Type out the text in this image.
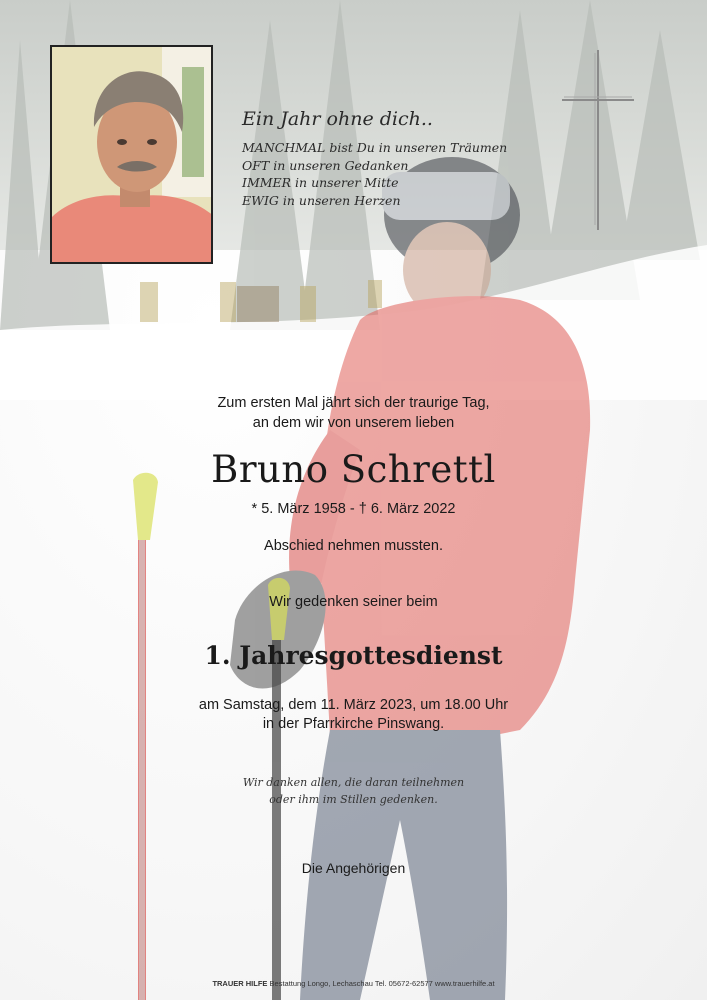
Ein Jahr ohne dich..
MANCHMAL bist Du in unseren Träumen
OFT in unseren Gedanken
IMMER in unserer Mitte
EWIG in unseren Herzen
Zum ersten Mal jährt sich der traurige Tag,
an dem wir von unserem lieben
Bruno Schrettl
* 5. März 1958 - † 6. März 2022
Abschied nehmen mussten.
Wir gedenken seiner beim
1. Jahresgottesdienst
am Samstag, dem 11. März 2023, um 18.00 Uhr
in der Pfarrkirche Pinswang.
Wir danken allen, die daran teilnehmen
oder ihm im Stillen gedenken.
Die Angehörigen
TRAUER HILFE Bestattung Longo, Lechaschau Tel. 05672-62577 www.trauerhilfe.at
